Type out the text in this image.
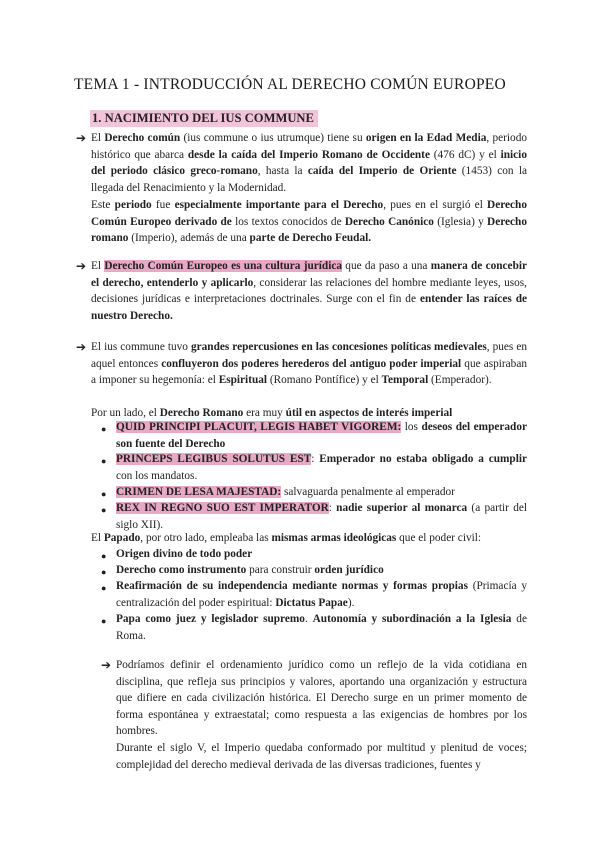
TEMA 1 - INTRODUCCIÓN AL DERECHO COMÚN EUROPEO
1. NACIMIENTO DEL IUS COMMUNE
➔ El Derecho común (ius commune o ius utrumque) tiene su origen en la Edad Media, periodo histórico que abarca desde la caída del Imperio Romano de Occidente (476 dC) y el inicio del periodo clásico greco-romano, hasta la caída del Imperio de Oriente (1453) con la llegada del Renacimiento y la Modernidad.
Este periodo fue especialmente importante para el Derecho, pues en el surgió el Derecho Común Europeo derivado de los textos conocidos de Derecho Canónico (Iglesia) y Derecho romano (Imperio), además de una parte de Derecho Feudal.
➔ El Derecho Común Europeo es una cultura jurídica que da paso a una manera de concebir el derecho, entenderlo y aplicarlo, considerar las relaciones del hombre mediante leyes, usos, decisiones jurídicas e interpretaciones doctrinales. Surge con el fin de entender las raíces de nuestro Derecho.
➔ El ius commune tuvo grandes repercusiones en las concesiones políticas medievales, pues en aquel entonces confluyeron dos poderes herederos del antiguo poder imperial que aspiraban a imponer su hegemonía: el Espiritual (Romano Pontífice) y el Temporal (Emperador).
Por un lado, el Derecho Romano era muy útil en aspectos de interés imperial
● QUID PRINCIPI PLACUIT, LEGIS HABET VIGOREM: los deseos del emperador son fuente del Derecho
● PRINCEPS LEGIBUS SOLUTUS EST: Emperador no estaba obligado a cumplir con los mandatos.
● CRIMEN DE LESA MAJESTAD: salvaguarda penalmente al emperador
● REX IN REGNO SUO EST IMPERATOR: nadie superior al monarca (a partir del siglo XII).
El Papado, por otro lado, empleaba las mismas armas ideológicas que el poder civil:
● Origen divino de todo poder
● Derecho como instrumento para construir orden jurídico
● Reafirmación de su independencia mediante normas y formas propias (Primacía y centralización del poder espiritual: Dictatus Papae).
● Papa como juez y legislador supremo. Autonomía y subordinación a la Iglesia de Roma.
➔ Podríamos definir el ordenamiento jurídico como un reflejo de la vida cotidiana en disciplina, que refleja sus principios y valores, aportando una organización y estructura que difiere en cada civilización histórica. El Derecho surge en un primer momento de forma espontánea y extraestatal; como respuesta a las exigencias de hombres por los hombres.
Durante el siglo V, el Imperio quedaba conformado por multitud y plenitud de voces; complejidad del derecho medieval derivada de las diversas tradiciones, fuentes y
